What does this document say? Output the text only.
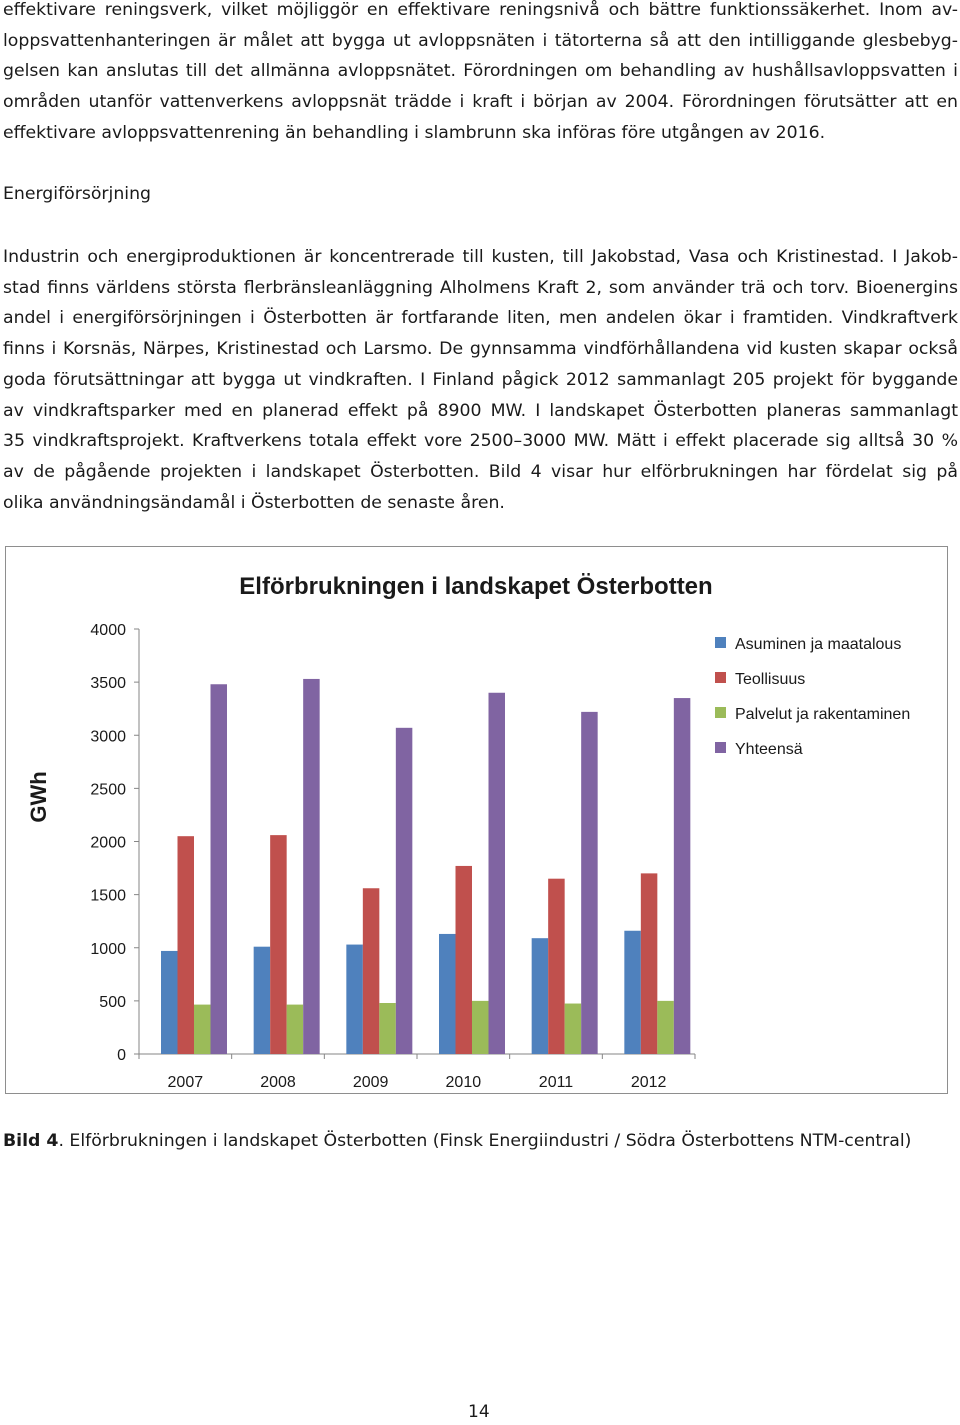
effektivare reningsverk, vilket möjliggör en effektivare reningsnivå och bättre funktionssäkerhet. Inom av-
loppsvattenhanteringen är målet att bygga ut avloppsnäten i tätorterna så att den intilliggande glesbebyg-
gelsen kan anslutas till det allmänna avloppsnätet. Förordningen om behandling av hushållsavloppsvatten i
områden utanför vattenverkens avloppsnät trädde i kraft i början av 2004. Förordningen förutsätter att en
effektivare avloppsvattenrening än behandling i slambrunn ska införas före utgången av 2016.

Energiförsörjning

Industrin och energiproduktionen är koncentrerade till kusten, till Jakobstad, Vasa och Kristinestad. I Jakob-
stad finns världens största flerbränsleanläggning Alholmens Kraft 2, som använder trä och torv. Bioenergins
andel i energiförsörjningen i Österbotten är fortfarande liten, men andelen ökar i framtiden. Vindkraftverk
finns i Korsnäs, Närpes, Kristinestad och Larsmo. De gynnsamma vindförhållandena vid kusten skapar också
goda förutsättningar att bygga ut vindkraften. I Finland pågick 2012 sammanlagt 205 projekt för byggande
av vindkraftsparker med en planerad effekt på 8900 MW. I landskapet Österbotten planeras sammanlagt
35 vindkraftsprojekt. Kraftverkens totala effekt vore 2500–3000 MW. Mätt i effekt placerade sig alltså 30 %
av de pågående projekten i landskapet Österbotten. Bild 4 visar hur elförbrukningen har fördelat sig på
olika användningsändamål i Österbotten de senaste åren.

Elförbrukningen i landskapet Österbotten
GWh
0
500
1000
1500
2000
2500
3000
3500
4000
2007	2008	2009	2010	2011	2012
Asuminen ja maatalous
Teollisuus
Palvelut ja rakentaminen
Yhteensä

Bild 4. Elförbrukningen i landskapet Österbotten (Finsk Energiindustri / Södra Österbottens NTM-central)

14
